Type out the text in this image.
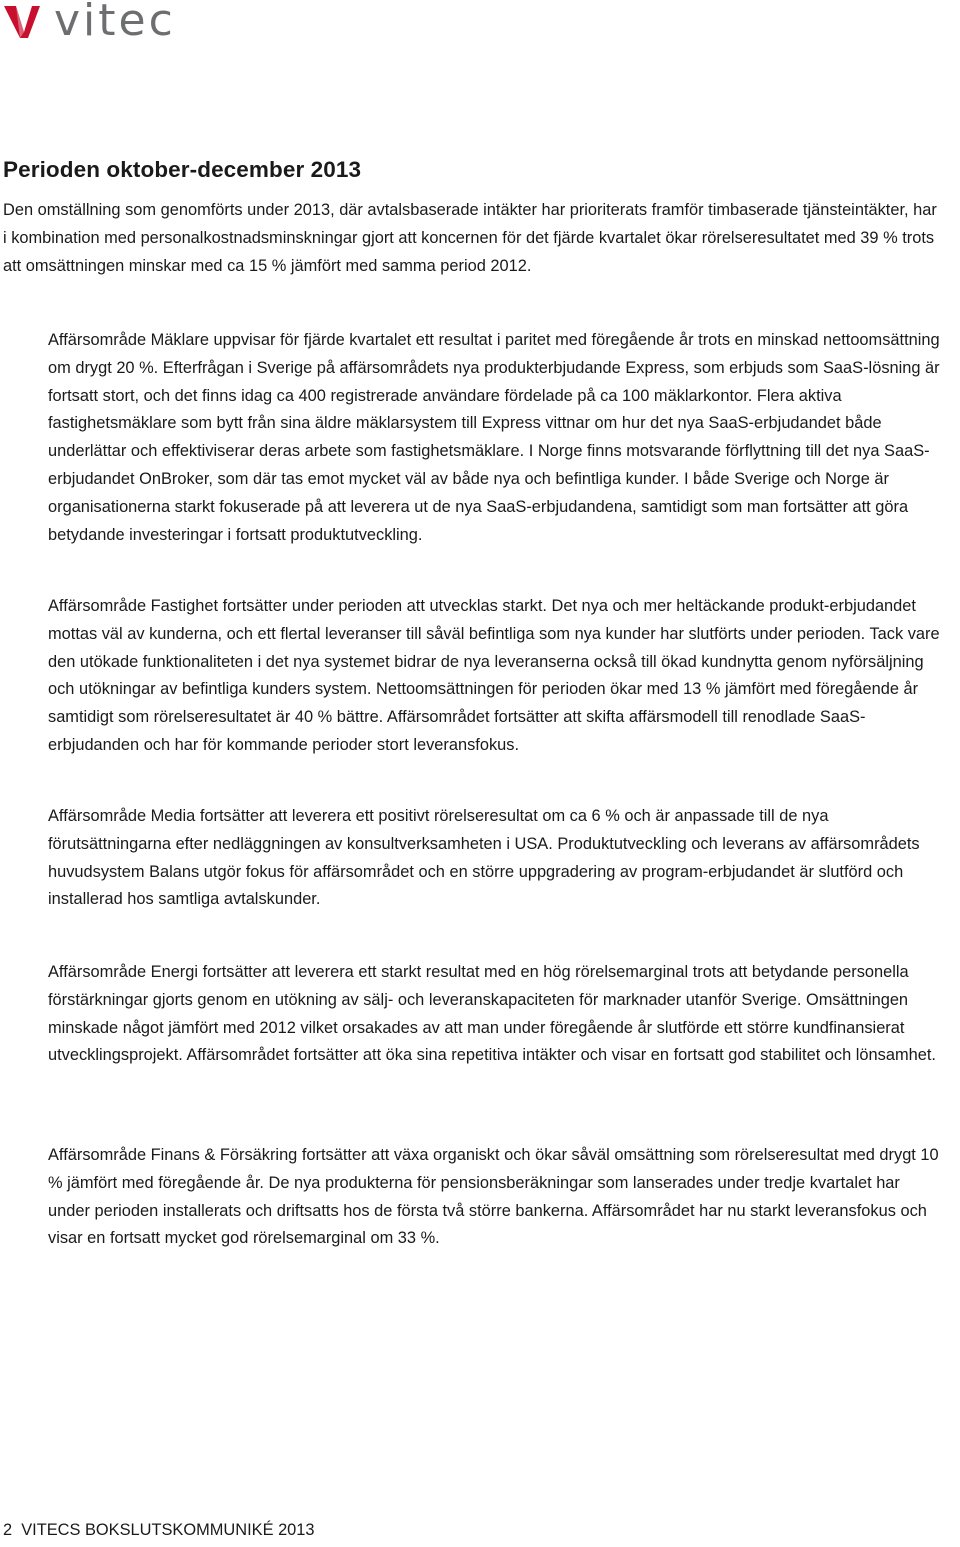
vitec
Perioden oktober-december 2013

Den omställning som genomförts under 2013, där avtalsbaserade intäkter har prioriterats framför timbaserade tjänsteintäkter, har i kombination med personalkostnadsminskningar gjort att koncernen för det fjärde kvartalet ökar rörelseresultatet med 39 % trots att omsättningen minskar med ca 15 % jämfört med samma period 2012.

Affärsområde Mäklare uppvisar för fjärde kvartalet ett resultat i paritet med föregående år trots en minskad nettoomsättning om drygt 20 %. Efterfrågan i Sverige på affärsområdets nya produkterbjudande Express, som erbjuds som SaaS-lösning är fortsatt stort, och det finns idag ca 400 registrerade användare fördelade på ca 100 mäklarkontor. Flera aktiva fastighetsmäklare som bytt från sina äldre mäklarsystem till Express vittnar om hur det nya SaaS-erbjudandet både underlättar och effektiviserar deras arbete som fastighetsmäklare. I Norge finns motsvarande förflyttning till det nya SaaS- erbjudandet OnBroker, som där tas emot mycket väl av både nya och befintliga kunder. I både Sverige och Norge är organisationerna starkt fokuserade på att leverera ut de nya SaaS-erbjudandena, samtidigt som man fortsätter att göra betydande investeringar i fortsatt produktutveckling.

Affärsområde Fastighet fortsätter under perioden att utvecklas starkt. Det nya och mer heltäckande produkt-erbjudandet mottas väl av kunderna, och ett flertal leveranser till såväl befintliga som nya kunder har slutförts under perioden. Tack vare den utökade funktionaliteten i det nya systemet bidrar de nya leveranserna också till ökad kundnytta genom nyförsäljning och utökningar av befintliga kunders system. Nettoomsättningen för perioden ökar med 13 % jämfört med föregående år samtidigt som rörelseresultatet är 40 % bättre. Affärsområdet fortsätter att skifta affärsmodell till renodlade SaaS-erbjudanden och har för kommande perioder stort leveransfokus.

Affärsområde Media fortsätter att leverera ett positivt rörelseresultat om ca 6 % och är anpassade till de nya förutsättningarna efter nedläggningen av konsultverksamheten i USA. Produktutveckling och leverans av affärsområdets huvudsystem Balans utgör fokus för affärsområdet och en större uppgradering av program-erbjudandet är slutförd och installerad hos samtliga avtalskunder.

Affärsområde Energi fortsätter att leverera ett starkt resultat med en hög rörelsemarginal trots att betydande personella förstärkningar gjorts genom en utökning av sälj- och leveranskapaciteten för marknader utanför Sverige. Omsättningen minskade något jämfört med 2012 vilket orsakades av att man under föregående år slutförde ett större kundfinansierat utvecklingsprojekt. Affärsområdet fortsätter att öka sina repetitiva intäkter och visar en fortsatt god stabilitet och lönsamhet.

Affärsområde Finans & Försäkring fortsätter att växa organiskt och ökar såväl omsättning som rörelseresultat med drygt 10 % jämfört med föregående år. De nya produkterna för pensionsberäkningar som lanserades under tredje kvartalet har under perioden installerats och driftsatts hos de första två större bankerna. Affärsområdet har nu starkt leveransfokus och visar en fortsatt mycket god rörelsemarginal om 33 %.

2 VITECS BOKSLUTSKOMMUNIKÉ 2013
